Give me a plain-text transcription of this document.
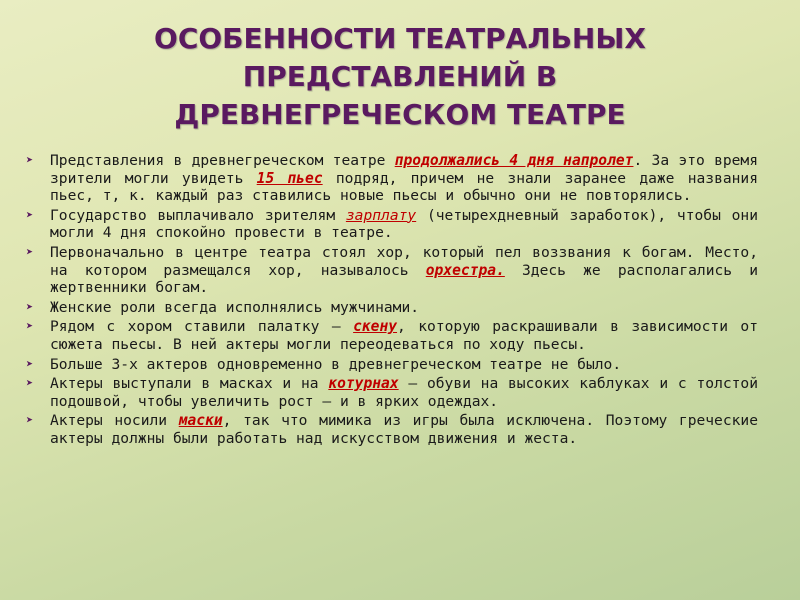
ОСОБЕННОСТИ ТЕАТРАЛЬНЫХ
ПРЕДСТАВЛЕНИЙ В
ДРЕВНЕГРЕЧЕСКОМ ТЕАТРЕ
➤ Представления в древнегреческом театре продолжались 4 дня напролет. За это время зрители могли увидеть 15 пьес подряд, причем не знали заранее даже названия пьес, т, к. каждый раз ставились новые пьесы и обычно они не повторялись.
➤ Государство выплачивало зрителям зарплату (четырехдневный заработок), чтобы они могли 4 дня спокойно провести в театре.
➤ Первоначально в центре театра стоял хор, который пел воззвания к богам. Место, на котором размещался хор, называлось орхестра. Здесь же располагались и жертвенники богам.
➤ Женские роли всегда исполнялись мужчинами.
➤ Рядом с хором ставили палатку – скену, которую раскрашивали в зависимости от сюжета пьесы. В ней актеры могли переодеваться по ходу пьесы.
➤ Больше 3-х актеров одновременно в древнегреческом театре не было.
➤ Актеры выступали в масках и на котурнах – обуви на высоких каблуках и с толстой подошвой, чтобы увеличить рост – и в ярких одеждах.
➤ Актеры носили маски, так что мимика из игры была исключена. Поэтому греческие актеры должны были работать над искусством движения и жеста.
